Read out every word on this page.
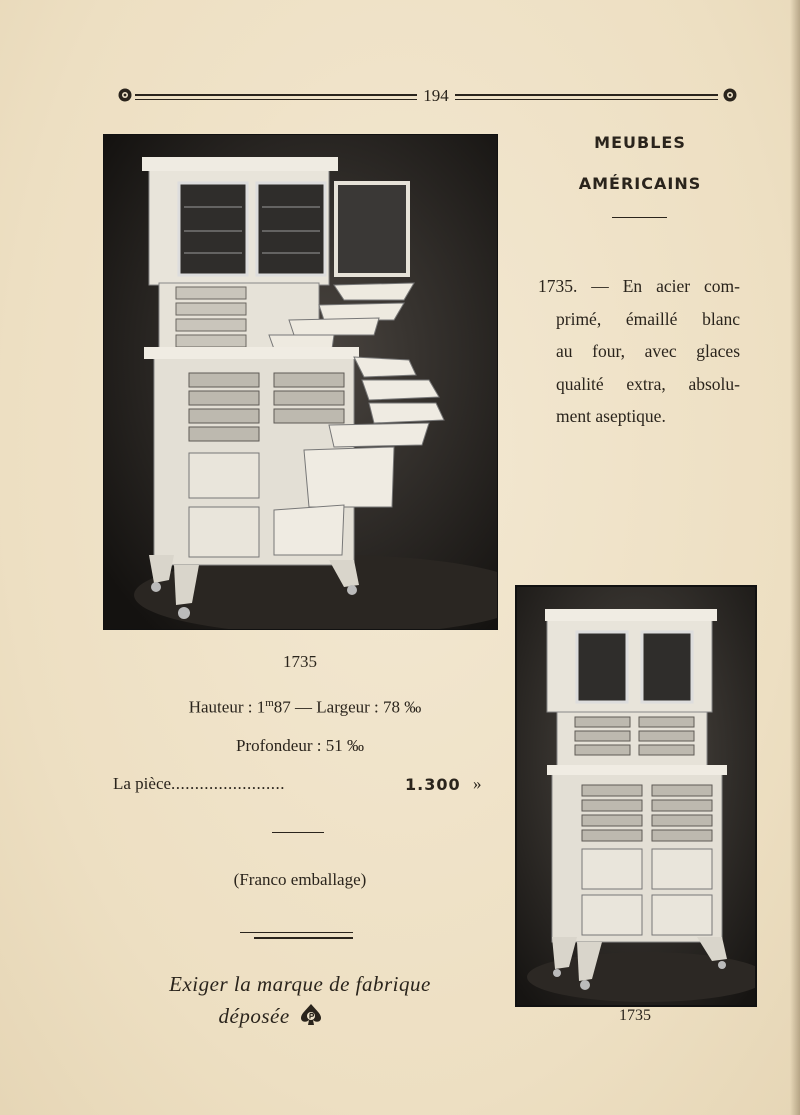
194
MEUBLES
AMÉRICAINS
1735. — En acier com-
primé, émaillé blanc
au four, avec glaces
qualité extra, absolu-
ment aseptique.
1735
Hauteur : 1$^m$87 — Largeur : 78 ‰
Profondeur : 51 ‰
La pièce........................	1.300 »
(Franco emballage)
Exiger la marque de fabrique
déposée	1735
